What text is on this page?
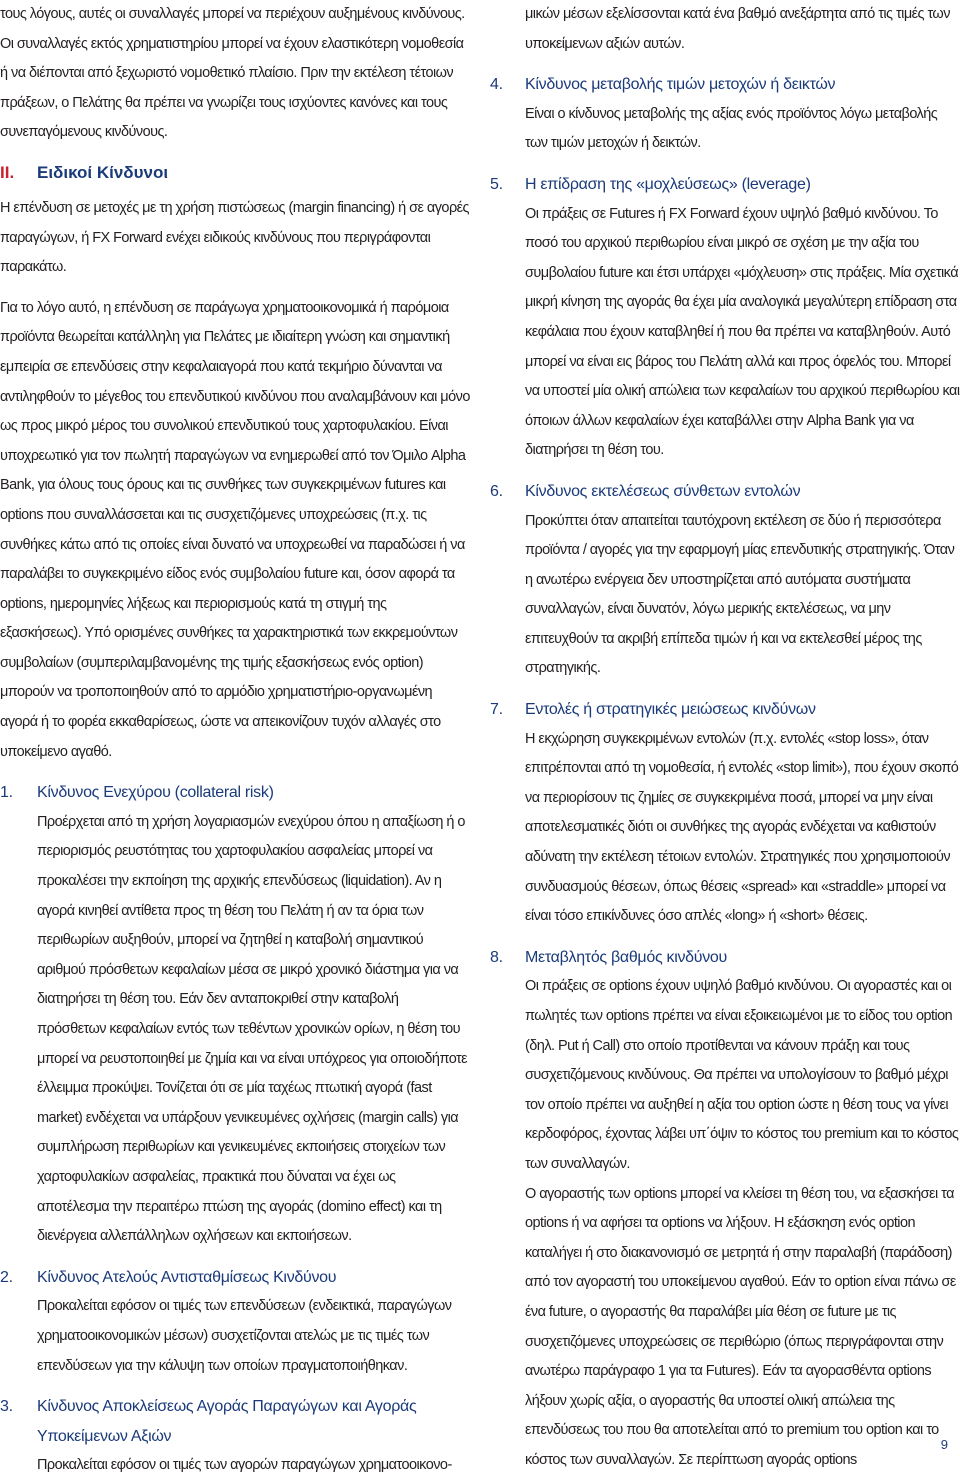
τους λόγους, αυτές οι συναλλαγές μπορεί να περιέχουν αυξημένους κινδύνους. Οι συναλλαγές εκτός χρηματιστηρίου μπορεί να έχουν ελαστικότερη νομοθεσία ή να διέπονται από ξεχωριστό νομοθετικό πλαίσιο. Πριν την εκτέλεση τέτοιων πράξεων, ο Πελάτης θα πρέπει να γνωρίζει τους ισχύοντες κανόνες και τους συνεπαγόμενους κινδύνους.

II.	Ειδικοί Κίνδυνοι

Η επένδυση σε μετοχές με τη χρήση πιστώσεως (margin financing) ή σε αγορές παραγώγων, ή FX Forward ενέχει ειδικούς κινδύνους που περιγράφονται παρακάτω.

Για το λόγο αυτό, η επένδυση σε παράγωγα χρηματοοικονομικά ή παρόμοια προϊόντα θεωρείται κατάλληλη για Πελάτες με ιδιαίτερη γνώση και σημαντική εμπειρία σε επενδύσεις στην κεφαλαιαγορά που κατά τεκμήριο δύνανται να αντιληφθούν το μέγεθος του επενδυτικού κινδύνου που αναλαμβάνουν και μόνο ως προς μικρό μέρος του συνολικού επενδυτικού τους χαρτοφυλακίου. Είναι υποχρεωτικό για τον πωλητή παραγώγων να ενημερωθεί από τον Όμιλο Alpha Bank, για όλους τους όρους και τις συνθήκες των συγκεκριμένων futures και options που συναλλάσσεται και τις συσχετιζόμενες υποχρεώσεις (π.χ. τις συνθήκες κάτω από τις οποίες είναι δυνατό να υποχρεωθεί να παραδώσει ή να παραλάβει το συγκεκριμένο είδος ενός συμβολαίου future και, όσον αφορά τα options, ημερομηνίες λήξεως και περιορισμούς κατά τη στιγμή της εξασκήσεως). Υπό ορισμένες συνθήκες τα χαρακτηριστικά των εκκρεμούντων συμβολαίων (συμπεριλαμβανομένης της τιμής εξασκήσεως ενός option) μπορούν να τροποποιηθούν από το αρμόδιο χρηματιστήριο-οργανωμένη αγορά ή το φορέα εκκαθαρίσεως, ώστε να απεικονίζουν τυχόν αλλαγές στο υποκείμενο αγαθό.

1.	Κίνδυνος Ενεχύρου (collateral risk)

Προέρχεται από τη χρήση λογαριασμών ενεχύρου όπου η απαξίωση ή ο περιορισμός ρευστότητας του χαρτοφυλακίου ασφαλείας μπορεί να προκαλέσει την εκποίηση της αρχικής επενδύσεως (liquidation). Αν η αγορά κινηθεί αντίθετα προς τη θέση του Πελάτη ή αν τα όρια των περιθωρίων αυξηθούν, μπορεί να ζητηθεί η καταβολή σημαντικού αριθμού πρόσθετων κεφαλαίων μέσα σε μικρό χρονικό διάστημα για να διατηρήσει τη θέση του. Εάν δεν ανταποκριθεί στην καταβολή πρόσθετων κεφαλαίων εντός των τεθέντων χρονικών ορίων, η θέση του μπορεί να ρευστοποιηθεί με ζημία και να είναι υπόχρεος για οποιοδήποτε έλλειμμα προκύψει. Τονίζεται ότι σε μία ταχέως πτωτική αγορά (fast market) ενδέχεται να υπάρξουν γενικευμένες οχλήσεις (margin calls) για συμπλήρωση περιθωρίων και γενικευμένες εκποιήσεις στοιχείων των χαρτοφυλακίων ασφαλείας, πρακτικά που δύναται να έχει ως αποτέλεσμα την περαιτέρω πτώση της αγοράς (domino effect) και τη διενέργεια αλλεπάλληλων οχλήσεων και εκποιήσεων.

2.	Κίνδυνος Ατελούς Αντισταθμίσεως Κινδύνου

Προκαλείται εφόσον οι τιμές των επενδύσεων (ενδεικτικά, παραγώγων χρηματοοικονομικών μέσων) συσχετίζονται ατελώς με τις τιμές των επενδύσεων για την κάλυψη των οποίων πραγματοποιήθηκαν.

3.	Κίνδυνος Αποκλείσεως Αγοράς Παραγώγων και Αγοράς Υποκείμενων Αξιών

Προκαλείται εφόσον οι τιμές των αγορών παραγώγων χρηματοοικονο-

μικών μέσων εξελίσσονται κατά ένα βαθμό ανεξάρτητα από τις τιμές των υποκείμενων αξιών αυτών.

4.	Κίνδυνος μεταβολής τιμών μετοχών ή δεικτών

Είναι ο κίνδυνος μεταβολής της αξίας ενός προϊόντος λόγω μεταβολής των τιμών μετοχών ή δεικτών.

5.	Η επίδραση της «μοχλεύσεως» (leverage)

Οι πράξεις σε Futures ή FX Forward έχουν υψηλό βαθμό κινδύνου. Το ποσό του αρχικού περιθωρίου είναι μικρό σε σχέση με την αξία του συμβολαίου future και έτσι υπάρχει «μόχλευση» στις πράξεις. Μία σχετικά μικρή κίνηση της αγοράς θα έχει μία αναλογικά μεγαλύτερη επίδραση στα κεφάλαια που έχουν καταβληθεί ή που θα πρέπει να καταβληθούν. Αυτό μπορεί να είναι εις βάρος του Πελάτη αλλά και προς όφελός του. Μπορεί να υποστεί μία ολική απώλεια των κεφαλαίων του αρχικού περιθωρίου και όποιων άλλων κεφαλαίων έχει καταβάλλει στην Alpha Bank για να διατηρήσει τη θέση του.

6.	Κίνδυνος εκτελέσεως σύνθετων εντολών

Προκύπτει όταν απαιτείται ταυτόχρονη εκτέλεση σε δύο ή περισσότερα προϊόντα / αγορές για την εφαρμογή μίας επενδυτικής στρατηγικής. Όταν η ανωτέρω ενέργεια δεν υποστηρίζεται από αυτόματα συστήματα συναλλαγών, είναι δυνατόν, λόγω μερικής εκτελέσεως, να μην επιτευχθούν τα ακριβή επίπεδα τιμών ή και να εκτελεσθεί μέρος της στρατηγικής.

7.	Εντολές ή στρατηγικές μειώσεως κινδύνων

Η εκχώρηση συγκεκριμένων εντολών (π.χ. εντολές «stop loss», όταν επιτρέπονται από τη νομοθεσία, ή εντολές «stop limit»), που έχουν σκοπό να περιορίσουν τις ζημίες σε συγκεκριμένα ποσά, μπορεί να μην είναι αποτελεσματικές διότι οι συνθήκες της αγοράς ενδέχεται να καθιστούν αδύνατη την εκτέλεση τέτοιων εντολών. Στρατηγικές που χρησιμοποιούν συνδυασμούς θέσεων, όπως θέσεις «spread» και «straddle» μπορεί να είναι τόσο επικίνδυνες όσο απλές «long» ή «short» θέσεις.

8.	Μεταβλητός βαθμός κινδύνου

Οι πράξεις σε options έχουν υψηλό βαθμό κινδύνου. Οι αγοραστές και οι πωλητές των options πρέπει να είναι εξοικειωμένοι με το είδος του option (δηλ. Put ή Call) στο οποίο προτίθενται να κάνουν πράξη και τους συσχετιζόμενους κινδύνους. Θα πρέπει να υπολογίσουν το βαθμό μέχρι τον οποίο πρέπει να αυξηθεί η αξία του option ώστε η θέση τους να γίνει κερδοφόρος, έχοντας λάβει υπ΄όψιν το κόστος του premium και το κόστος των συναλλαγών.

Ο αγοραστής των options μπορεί να κλείσει τη θέση του, να εξασκήσει τα options ή να αφήσει τα options να λήξουν. Η εξάσκηση ενός option καταλήγει ή στο διακανονισμό σε μετρητά ή στην παραλαβή (παράδοση) από τον αγοραστή του υποκείμενου αγαθού. Εάν το option είναι πάνω σε ένα future, ο αγοραστής θα παραλάβει μία θέση σε future με τις συσχετιζόμενες υποχρεώσεις σε περιθώριο (όπως περιγράφονται στην ανωτέρω παράγραφο 1 για τα Futures). Εάν τα αγορασθέντα options λήξουν χωρίς αξία, ο αγοραστής θα υποστεί ολική απώλεια της επενδύσεως του που θα αποτελείται από το premium του option και το κόστος των συναλλαγών. Σε περίπτωση αγοράς options

9
